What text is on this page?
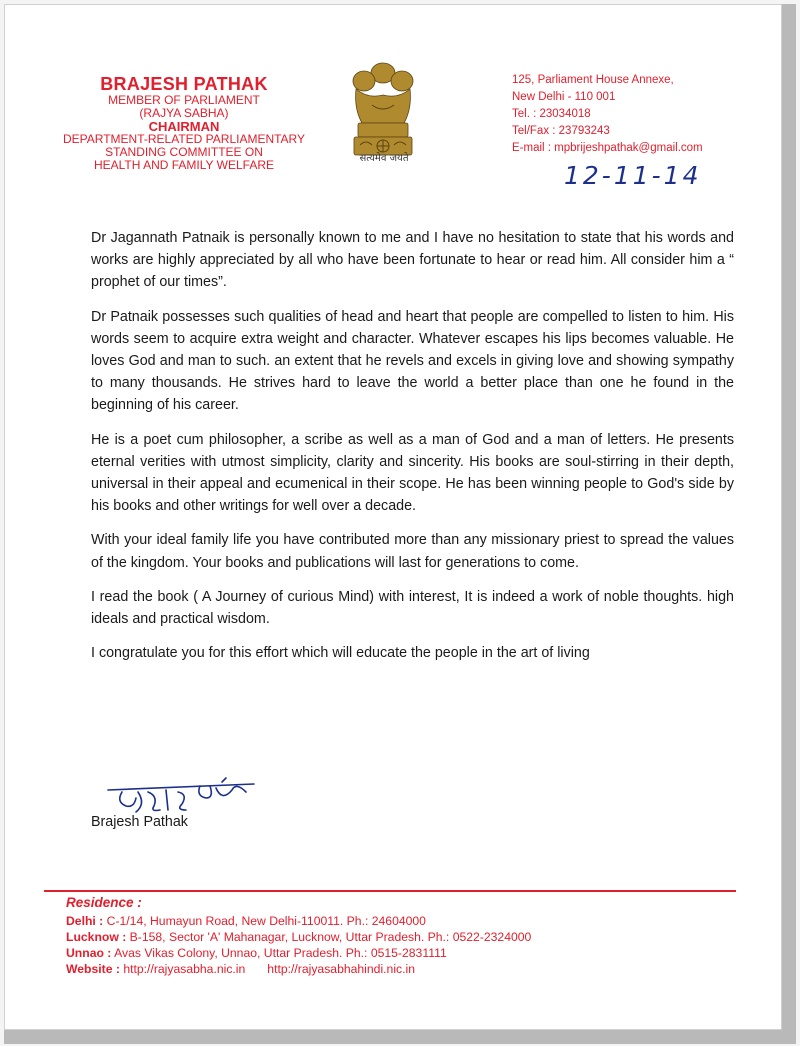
BRAJESH PATHAK
MEMBER OF PARLIAMENT
(RAJYA SABHA)
CHAIRMAN
DEPARTMENT-RELATED PARLIAMENTARY
STANDING COMMITTEE ON
HEALTH AND FAMILY WELFARE	सत्यमेव जयते
125, Parliament House Annexe,
New Delhi - 110 001
Tel. : 23034018
Tel/Fax : 23793243
E-mail : mpbrijeshpathak@gmail.com
12-11-14

Dr Jagannath Patnaik is personally known to me and I have no hesitation to state that his words and works are highly appreciated by all who have been fortunate to hear or read him. All consider him a “ prophet of our times”.

Dr Patnaik possesses such qualities of head and heart that people are compelled to listen to him. His words seem to acquire extra weight and character. Whatever escapes his lips becomes valuable. He loves God and man to such. an extent that he revels and excels in giving love and showing sympathy to many thousands. He strives hard to leave the world a better place than one he found in the beginning of his career.

He is a poet cum philosopher, a scribe as well as a man of God and a man of letters. He presents eternal verities with utmost simplicity, clarity and sincerity. His books are soul-stirring in their depth, universal in their appeal and ecumenical in their scope. He has been winning people to God's side by his books and other writings for well over a decade.

With your ideal family life you have contributed more than any missionary priest to spread the values of the kingdom. Your books and publications will last for generations to come.

I read the book ( A Journey of curious Mind) with interest, It is indeed a work of noble thoughts. high ideals and practical wisdom.

I congratulate you for this effort which will educate the people in the art of living

Brajesh Pathak
Residence :
Delhi : C-1/14, Humayun Road, New Delhi-110011. Ph.: 24604000
Lucknow : B-158, Sector 'A' Mahanagar, Lucknow, Uttar Pradesh. Ph.: 0522-2324000
Unnao : Avas Vikas Colony, Unnao, Uttar Pradesh. Ph.: 0515-2831111
Website : http://rajyasabha.nic.in http://rajyasabhahindi.nic.in
